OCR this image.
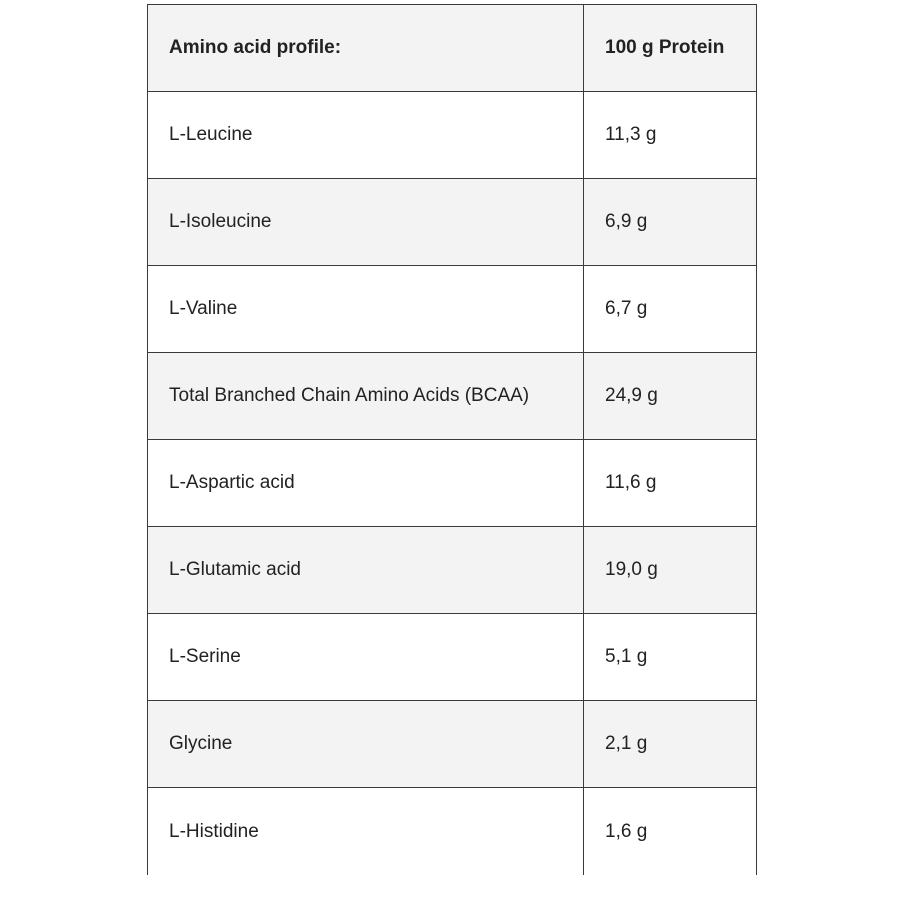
Amino acid profile:	100 g Protein
L-Leucine	11,3 g
L-Isoleucine	6,9 g
L-Valine	6,7 g
Total Branched Chain Amino Acids (BCAA)	24,9 g
L-Aspartic acid	11,6 g
L-Glutamic acid	19,0 g
L-Serine	5,1 g
Glycine	2,1 g
L-Histidine	1,6 g
